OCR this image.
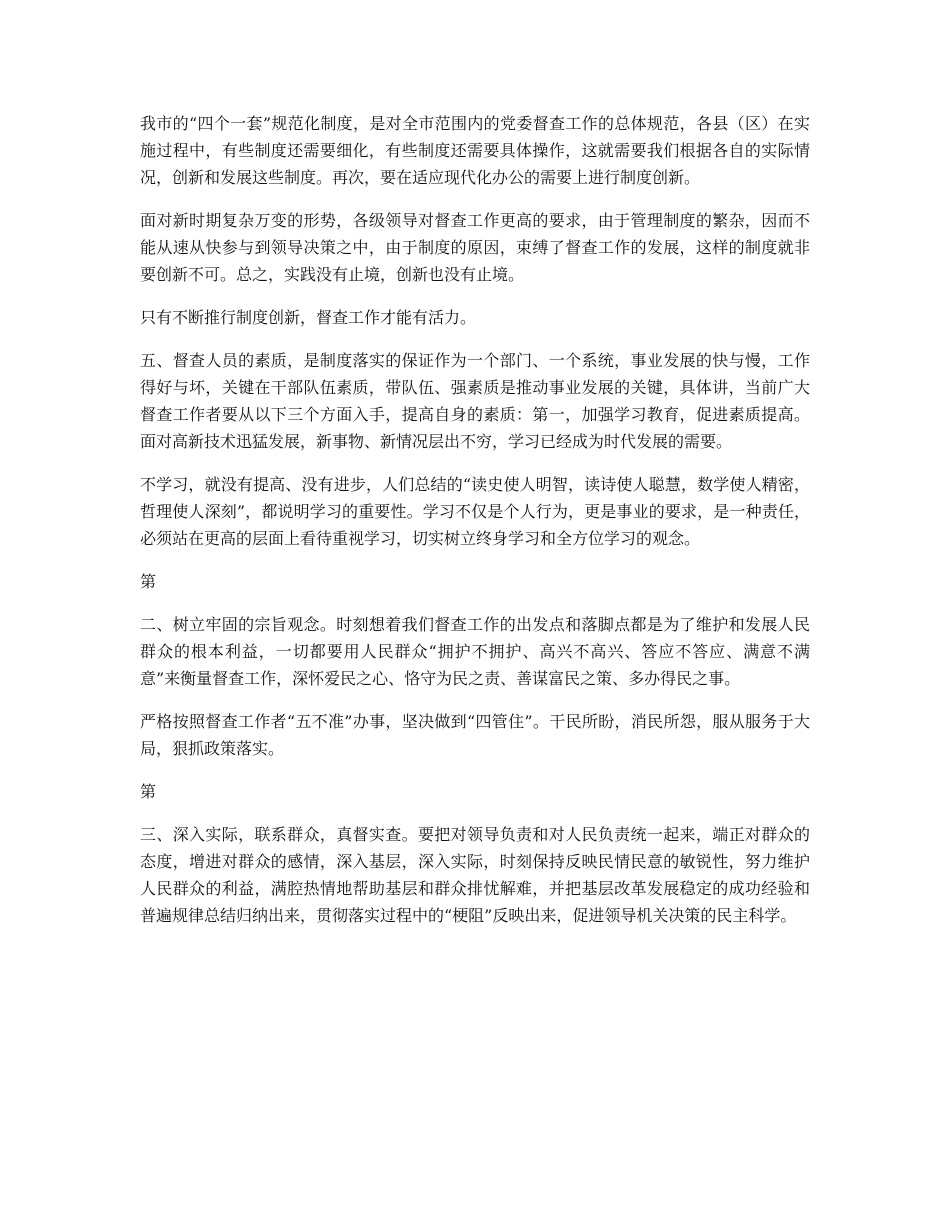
我市的“四个一套”规范化制度，是对全市范围内的党委督查工作的总体规范，各县（区）在实施过程中，有些制度还需要细化，有些制度还需要具体操作，这就需要我们根据各自的实际情况，创新和发展这些制度。再次，要在适应现代化办公的需要上进行制度创新。

面对新时期复杂万变的形势，各级领导对督查工作更高的要求，由于管理制度的繁杂，因而不能从速从快参与到领导决策之中，由于制度的原因，束缚了督查工作的发展，这样的制度就非要创新不可。总之，实践没有止境，创新也没有止境。

只有不断推行制度创新，督查工作才能有活力。

五、督查人员的素质，是制度落实的保证作为一个部门、一个系统，事业发展的快与慢，工作得好与坏，关键在干部队伍素质，带队伍、强素质是推动事业发展的关键，具体讲，当前广大督查工作者要从以下三个方面入手，提高自身的素质：第一，加强学习教育，促进素质提高。面对高新技术迅猛发展，新事物、新情况层出不穷，学习已经成为时代发展的需要。

不学习，就没有提高、没有进步，人们总结的“读史使人明智，读诗使人聪慧，数学使人精密，哲理使人深刻”，都说明学习的重要性。学习不仅是个人行为，更是事业的要求，是一种责任，必须站在更高的层面上看待重视学习，切实树立终身学习和全方位学习的观念。

第

二、树立牢固的宗旨观念。时刻想着我们督查工作的出发点和落脚点都是为了维护和发展人民群众的根本利益，一切都要用人民群众“拥护不拥护、高兴不高兴、答应不答应、满意不满意”来衡量督查工作，深怀爱民之心、恪守为民之责、善谋富民之策、多办得民之事。

严格按照督查工作者“五不准”办事，坚决做到“四管住”。干民所盼，消民所怨，服从服务于大局，狠抓政策落实。

第

三、深入实际，联系群众，真督实查。要把对领导负责和对人民负责统一起来，端正对群众的态度，增进对群众的感情，深入基层，深入实际，时刻保持反映民情民意的敏锐性，努力维护人民群众的利益，满腔热情地帮助基层和群众排忧解难，并把基层改革发展稳定的成功经验和普遍规律总结归纳出来，贯彻落实过程中的“梗阻”反映出来，促进领导机关决策的民主科学。
